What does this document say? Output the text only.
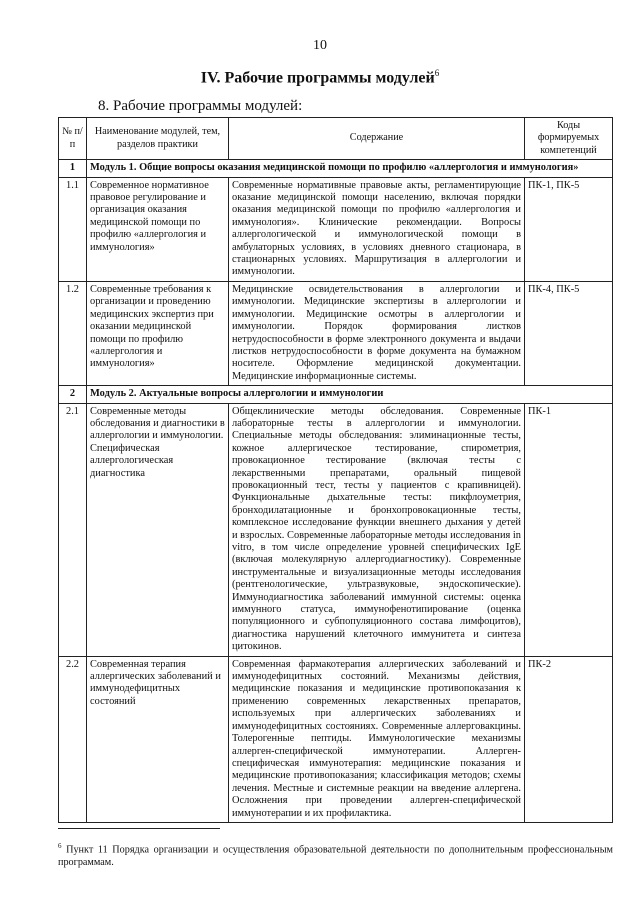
10
IV. Рабочие программы модулей$^6$
8. Рабочие программы модулей:
№ п/п	Наименование модулей, тем, разделов практики	Содержание	Коды формируемых компетенций
1	Модуль 1. Общие вопросы оказания медицинской помощи по профилю «аллергология и иммунология»		
1.1	Современное нормативное правовое регулирование и организация оказания медицинской помощи по профилю «аллергология и иммунология»	Современные нормативные правовые акты, регламентирующие оказание медицинской помощи населению, включая порядки оказания медицинской помощи по профилю «аллергология и иммунология». Клинические рекомендации. Вопросы аллергологической и иммунологической помощи в амбулаторных условиях, в условиях дневного стационара, в стационарных условиях. Маршрутизация в аллергологии и иммунологии.	ПК-1, ПК-5
1.2	Современные требования к организации и проведению медицинских экспертиз при оказании медицинской помощи по профилю «аллергология и иммунология»	Медицинские освидетельствования в аллергологии и иммунологии. Медицинские экспертизы в аллергологии и иммунологии. Медицинские осмотры в аллергологии и иммунологии. Порядок формирования листков нетрудоспособности в форме электронного документа и выдачи листков нетрудоспособности в форме документа на бумажном носителе. Оформление медицинской документации. Медицинские информационные системы.	ПК-4, ПК-5
2	Модуль 2. Актуальные вопросы аллергологии и иммунологии		
2.1	Современные методы обследования и диагностики в аллергологии и иммунологии. Специфическая аллергологическая диагностика	Общеклинические методы обследования. Современные лабораторные тесты в аллергологии и иммунологии. Специальные методы обследования: элиминационные тесты, кожное аллергическое тестирование, спирометрия, провокационное тестирование (включая тесты с лекарственными препаратами, оральный пищевой провокационный тест, тесты у пациентов с крапивницей). Функциональные дыхательные тесты: пикфлоуметрия, бронходилатационные и бронхопровокационные тесты, комплексное исследование функции внешнего дыхания у детей и взрослых. Современные лабораторные методы исследования in vitro, в том числе определение уровней специфических IgE (включая молекулярную аллергодиагностику). Современные инструментальные и визуализационные методы исследования (рентгенологические, ультразвуковые, эндоскопические). Иммунодиагностика заболеваний иммунной системы: оценка иммунного статуса, иммунофенотипирование (оценка популяционного и субпопуляционного состава лимфоцитов), диагностика нарушений клеточного иммунитета и синтеза цитокинов.	ПК-1
2.2	Современная терапия аллергических заболеваний и иммунодефицитных состояний	Современная фармакотерапия аллергических заболеваний и иммунодефицитных состояний. Механизмы действия, медицинские показания и медицинские противопоказания к применению современных лекарственных препаратов, используемых при аллергических заболеваниях и иммунодефицитных состояниях. Современные аллерговакцины. Толерогенные пептиды. Иммунологические механизмы аллерген-специфической иммунотерапии. Аллерген-специфическая иммунотерапия: медицинские показания и медицинские противопоказания; классификация методов; схемы лечения. Местные и системные реакции на введение аллергена. Осложнения при проведении аллерген-специфической иммунотерапии и их профилактика.	ПК-2
$^6$ Пункт 11 Порядка организации и осуществления образовательной деятельности по дополнительным профессиональным программам.
